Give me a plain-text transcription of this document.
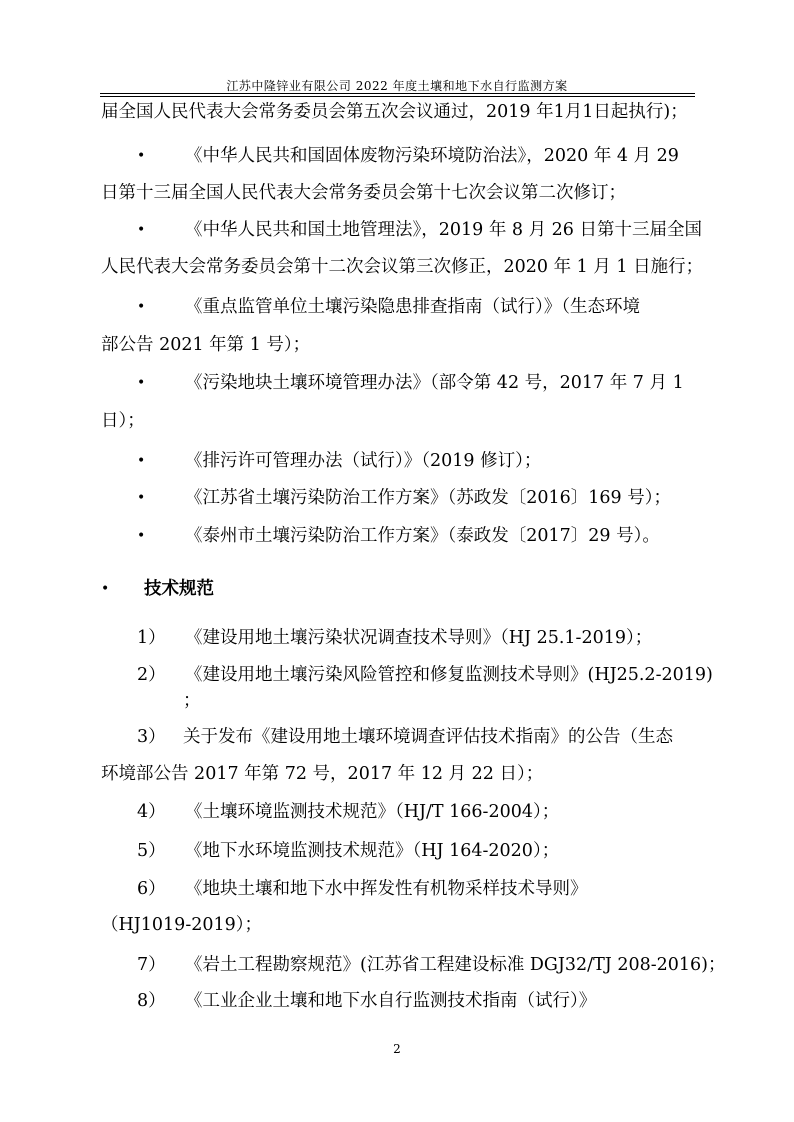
江苏中隆锌业有限公司 2022 年度土壤和地下水自行监测方案
届全国人民代表大会常务委员会第五次会议通过，2019 年1月1日起执行)；
• 《中华人民共和国固体废物污染环境防治法》，2020 年 4 月 29
日第十三届全国人民代表大会常务委员会第十七次会议第二次修订；
• 《中华人民共和国土地管理法》，2019 年 8 月 26 日第十三届全国
人民代表大会常务委员会第十二次会议第三次修正，2020 年 1 月 1 日施行；
• 《重点监管单位土壤污染隐患排查指南（试行）》（生态环境
部公告 2021 年第 1 号）；
• 《污染地块土壤环境管理办法》（部令第 42 号，2017 年 7 月 1
日）；
• 《排污许可管理办法（试行）》（2019 修订）；
• 《江苏省土壤污染防治工作方案》（苏政发〔2016〕169 号）；
• 《泰州市土壤污染防治工作方案》（泰政发〔2017〕29 号）。
• 技术规范
1） 《建设用地土壤污染状况调查技术导则》（HJ 25.1-2019）；
2） 《建设用地土壤污染风险管控和修复监测技术导则》(HJ25.2-2019)
；
3） 关于发布《建设用地土壤环境调查评估技术指南》的公告（生态
环境部公告 2017 年第 72 号，2017 年 12 月 22 日）；
4） 《土壤环境监测技术规范》（HJ/T 166-2004）；
5） 《地下水环境监测技术规范》（HJ 164-2020）；
6） 《地块土壤和地下水中挥发性有机物采样技术导则》
（HJ1019-2019）；
7） 《岩土工程勘察规范》(江苏省工程建设标准 DGJ32/TJ 208-2016)；
8） 《工业企业土壤和地下水自行监测技术指南（试行）》
2
